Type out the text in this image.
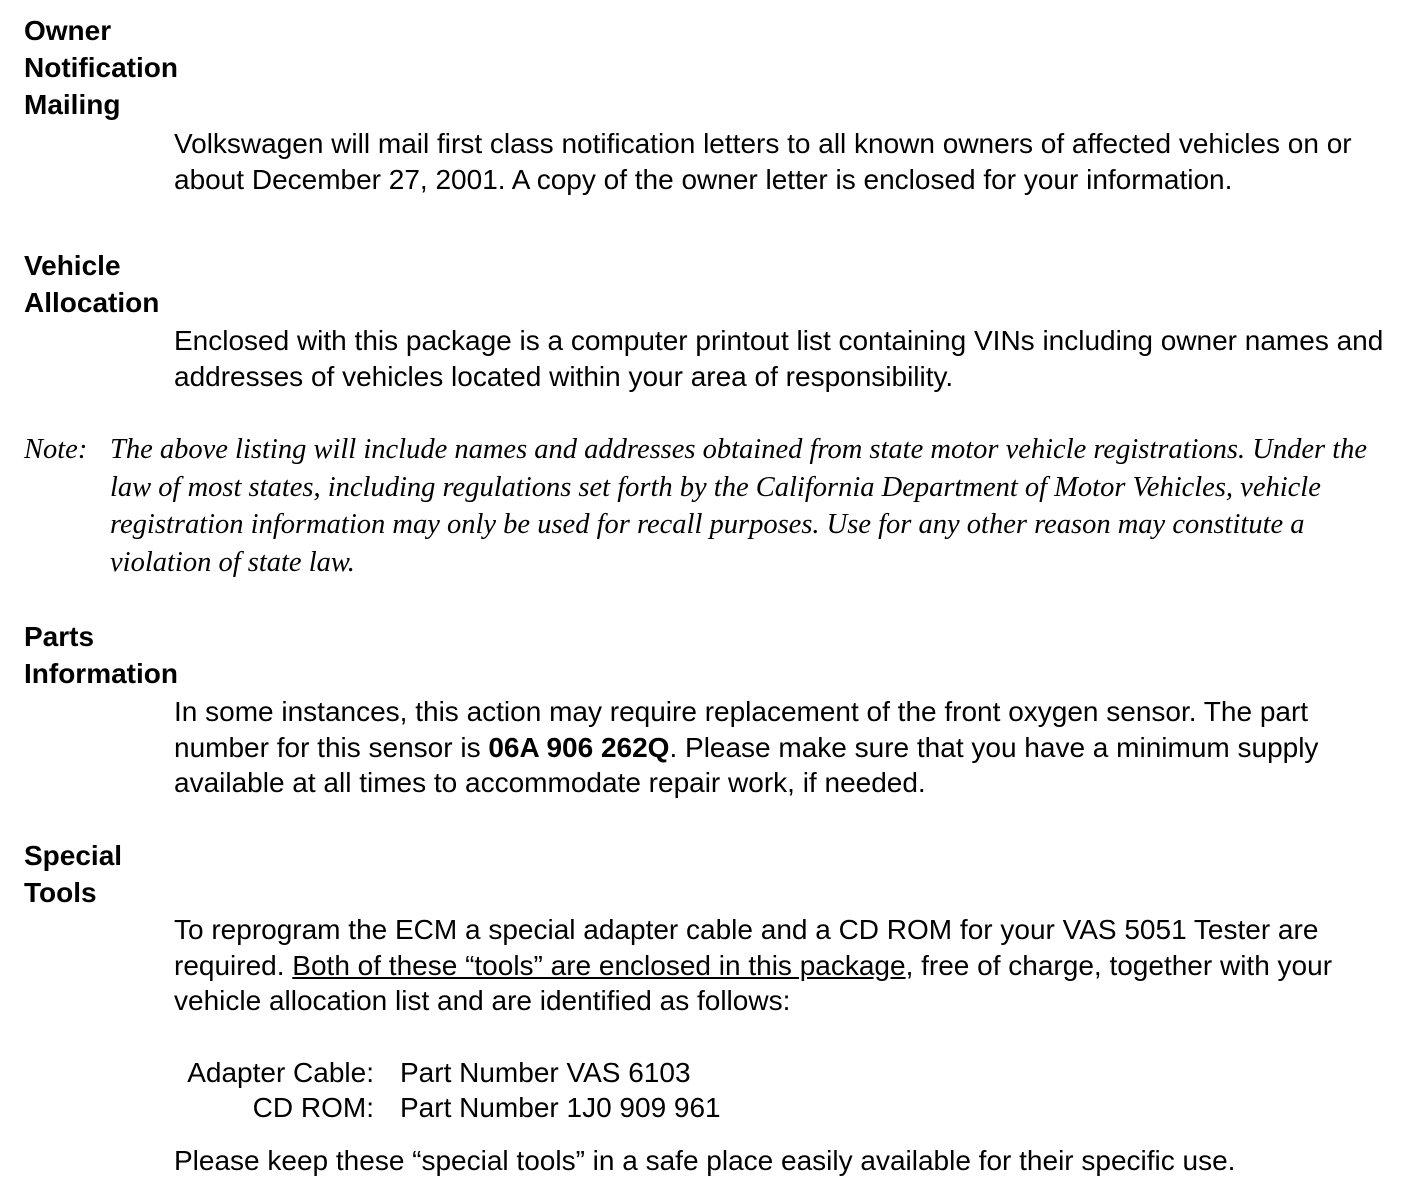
Owner
Notification
Mailing

Volkswagen will mail first class notification letters to all known owners of affected vehicles on or about December 27, 2001. A copy of the owner letter is enclosed for your information.

Vehicle
Allocation

Enclosed with this package is a computer printout list containing VINs including owner names and addresses of vehicles located within your area of responsibility.

Note: The above listing will include names and addresses obtained from state motor vehicle registrations. Under the law of most states, including regulations set forth by the California Department of Motor Vehicles, vehicle registration information may only be used for recall purposes. Use for any other reason may constitute a violation of state law.
Parts
Information

In some instances, this action may require replacement of the front oxygen sensor. The part number for this sensor is 06A 906 262Q. Please make sure that you have a minimum supply available at all times to accommodate repair work, if needed.

Special
Tools

To reprogram the ECM a special adapter cable and a CD ROM for your VAS 5051 Tester are required. Both of these “tools” are enclosed in this package, free of charge, together with your vehicle allocation list and are identified as follows:

Adapter Cable: Part Number VAS 6103
CD ROM: Part Number 1J0 909 961

Please keep these “special tools” in a safe place easily available for their specific use.
